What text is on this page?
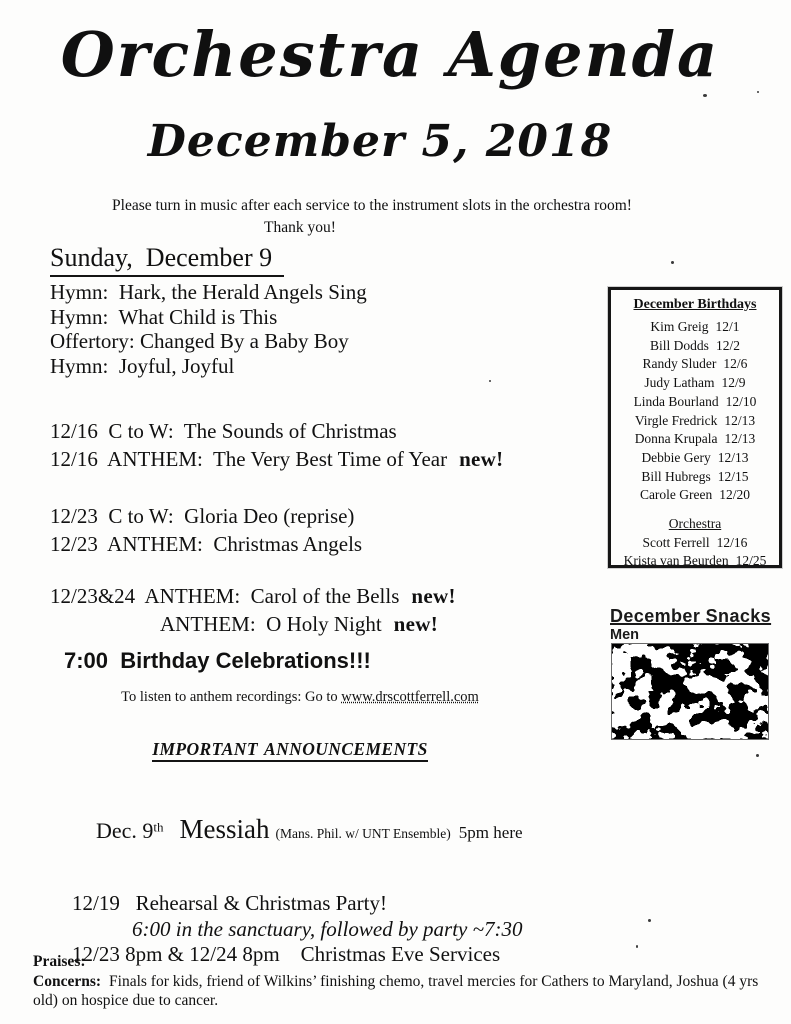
Orchestra Agenda
December 5, 2018
Please turn in music after each service to the instrument slots in the orchestra room!
Thank you!
Sunday,  December 9
Hymn:  Hark, the Herald Angels Sing
Hymn:  What Child is This
Offertory: Changed By a Baby Boy
Hymn:  Joyful, Joyful
12/16  C to W:  The Sounds of Christmas
12/16  ANTHEM:  The Very Best Time of Year new!
12/23  C to W:  Gloria Deo (reprise)
12/23  ANTHEM:  Christmas Angels
12/23&24  ANTHEM:  Carol of the Bells new!
ANTHEM:  O Holy Night new!
7:00  Birthday Celebrations!!!
To listen to anthem recordings: Go to www.drscottferrell.com
IMPORTANT ANNOUNCEMENTS

Dec. 9th Messiah (Mans. Phil. w/ UNT Ensemble) 5pm here

12/19   Rehearsal & Christmas Party!
6:00 in the sanctuary, followed by party ~7:30
12/23 8pm & 12/24 8pm    Christmas Eve Services
December Birthdays
Kim Greig 12/1
Bill Dodds 12/2
Randy Sluder 12/6
Judy Latham 12/9
Linda Bourland 12/10
Virgle Fredrick 12/13
Donna Krupala 12/13
Debbie Gery 12/13
Bill Hubregs 12/15
Carole Green 12/20
Orchestra
Scott Ferrell 12/16
Krista van Beurden 12/25
December Snacks
Men
Praises:
Concerns: Finals for kids, friend of Wilkins’ finishing chemo, travel mercies for Cathers to Maryland, Joshua (4 yrs old) on hospice due to cancer.
